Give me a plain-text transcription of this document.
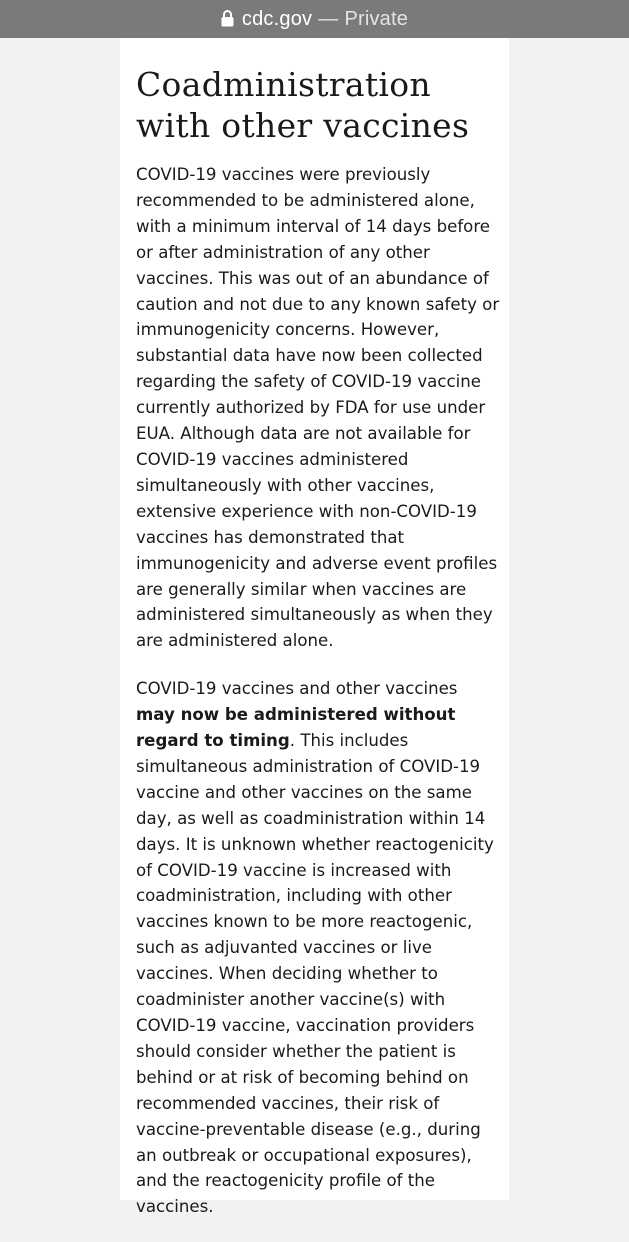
cdc.gov — Private
Coadministration with other vaccines

COVID-19 vaccines were previously recommended to be administered alone, with a minimum interval of 14 days before or after administration of any other vaccines. This was out of an abundance of caution and not due to any known safety or immunogenicity concerns. However, substantial data have now been collected regarding the safety of COVID-19 vaccine currently authorized by FDA for use under EUA. Although data are not available for COVID-19 vaccines administered simultaneously with other vaccines, extensive experience with non-COVID-19 vaccines has demonstrated that immunogenicity and adverse event profiles are generally similar when vaccines are administered simultaneously as when they are administered alone.

COVID-19 vaccines and other vaccines may now be administered without regard to timing. This includes simultaneous administration of COVID-19 vaccine and other vaccines on the same day, as well as coadministration within 14 days. It is unknown whether reactogenicity of COVID-19 vaccine is increased with coadministration, including with other vaccines known to be more reactogenic, such as adjuvanted vaccines or live vaccines. When deciding whether to coadminister another vaccine(s) with COVID-19 vaccine, vaccination providers should consider whether the patient is behind or at risk of becoming behind on recommended vaccines, their risk of vaccine-preventable disease (e.g., during an outbreak or occupational exposures), and the reactogenicity profile of the vaccines.
